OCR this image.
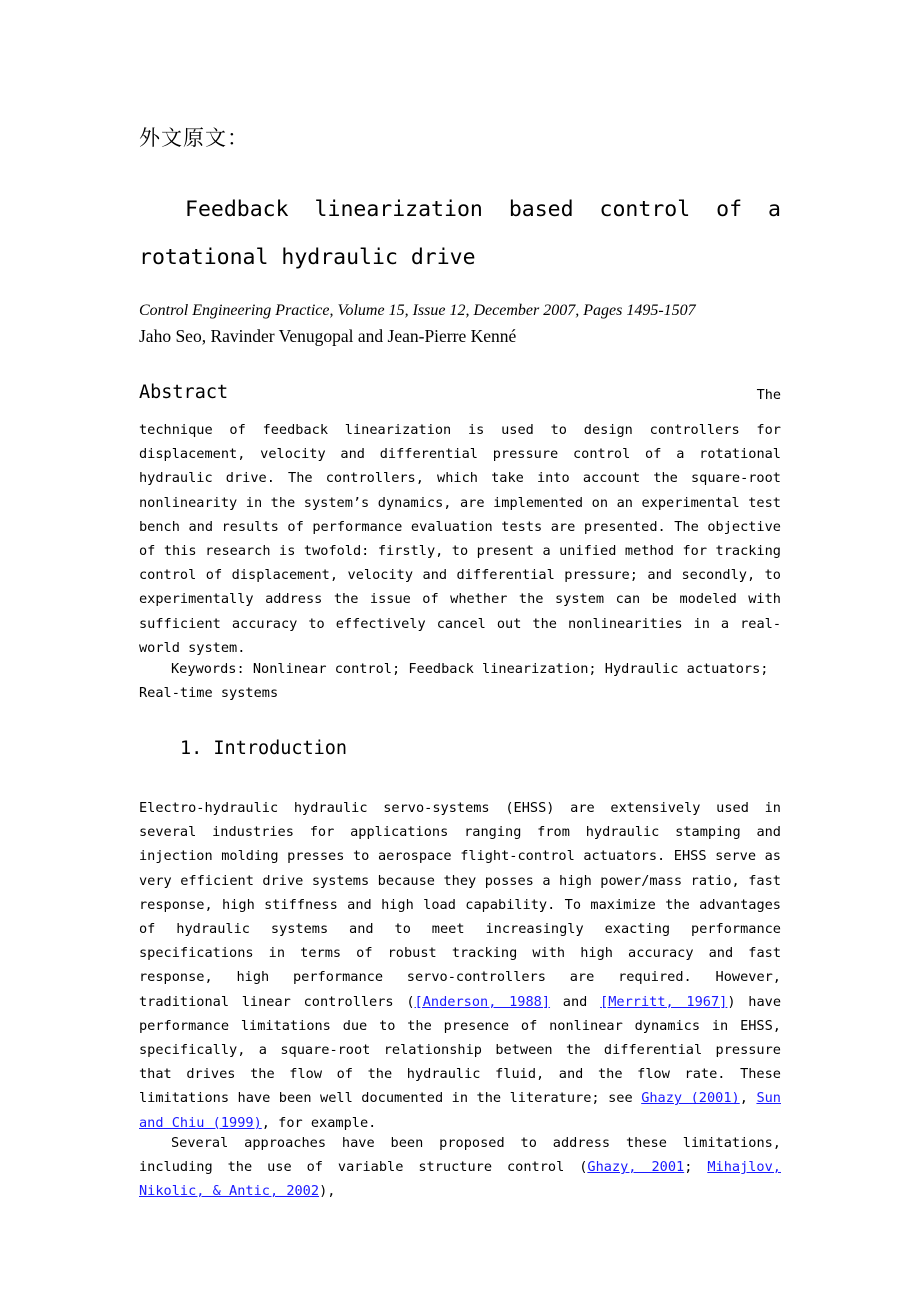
外文原文：
Feedback linearization based control of a rotational hydraulic drive
Control Engineering Practice, Volume 15, Issue 12, December 2007, Pages 1495-1507
Jaho Seo, Ravinder Venugopal and Jean-Pierre Kenné
Abstract	The
technique of feedback linearization is used to design controllers for displacement, velocity and differential pressure control of a rotational hydraulic drive. The controllers, which take into account the square-root nonlinearity in the system’s dynamics, are implemented on an experimental test bench and results of performance evaluation tests are presented. The objective of this research is twofold: firstly, to present a unified method for tracking control of displacement, velocity and differential pressure; and secondly, to experimentally address the issue of whether the system can be modeled with sufficient accuracy to effectively cancel out the nonlinearities in a real-world system.
Keywords: Nonlinear control; Feedback linearization; Hydraulic actuators; Real-time systems
1. Introduction
Electro-hydraulic hydraulic servo-systems (EHSS) are extensively used in several industries for applications ranging from hydraulic stamping and injection molding presses to aerospace flight-control actuators. EHSS serve as very efficient drive systems because they posses a high power/mass ratio, fast response, high stiffness and high load capability. To maximize the advantages of hydraulic systems and to meet increasingly exacting performance specifications in terms of robust tracking with high accuracy and fast response, high performance servo-controllers are required. However, traditional linear controllers ([Anderson, 1988] and [Merritt, 1967]) have performance limitations due to the presence of nonlinear dynamics in EHSS, specifically, a square-root relationship between the differential pressure that drives the flow of the hydraulic fluid, and the flow rate. These limitations have been well documented in the literature; see Ghazy (2001), Sun and Chiu (1999), for example.
Several approaches have been proposed to address these limitations, including the use of variable structure control (Ghazy, 2001; Mihajlov, Nikolic, & Antic, 2002),
